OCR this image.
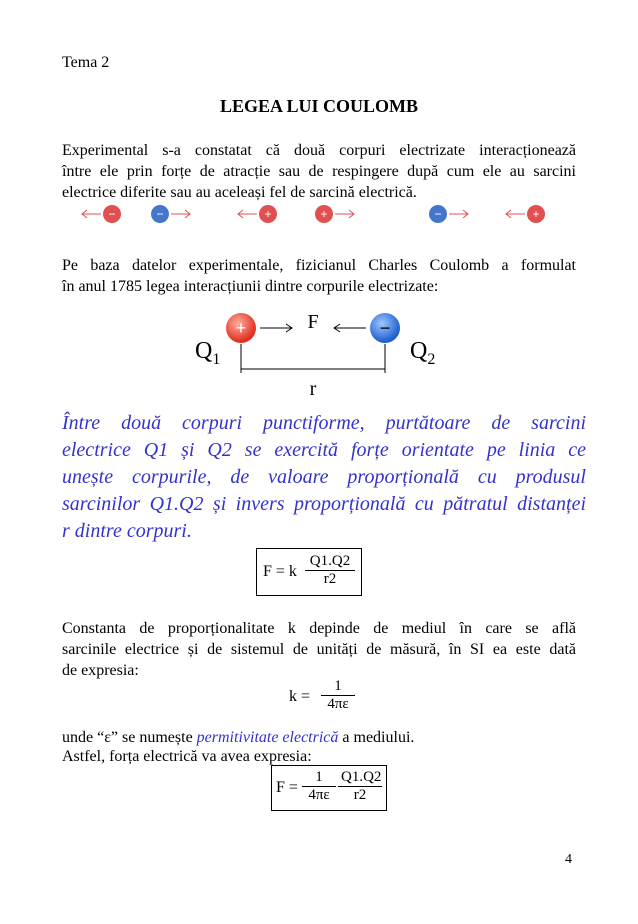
Tema 2
LEGEA LUI COULOMB
Experimental s-a constatat că două corpuri electrizate interacționează
între ele prin forțe de atracție sau de respingere după cum ele au sarcini
electrice diferite sau au aceleași fel de sarcină electrică.
−	−	+	+	−	+
Pe baza datelor experimentale, fizicianul Charles Coulomb a formulat
în anul 1785 legea interacțiunii dintre corpurile electrizate:
+	−
F
r
$Q_1$	$Q_2$
Între două corpuri punctiforme, purtătoare de sarcini
electrice Q1 și Q2 se exercită forțe orientate pe linia ce
unește corpurile, de valoare proporțională cu produsul
sarcinilor Q1.Q2 și invers proporțională cu pătratul distanței
r dintre corpuri.
F = k $\frac{Q1.Q2}{r2}$
Constanta de proporționalitate k depinde de mediul în care se află
sarcinile electrice și de sistemul de unități de măsură, în SI ea este dată
de expresia:
$k = \frac{1}{4\pi\varepsilon}$
unde “ε” se numește permitivitate electrică a mediului.
Astfel, forța electrică va avea expresia:
$F = \frac{1}{4\pi\varepsilon} \frac{Q1.Q2}{r2}$
4
